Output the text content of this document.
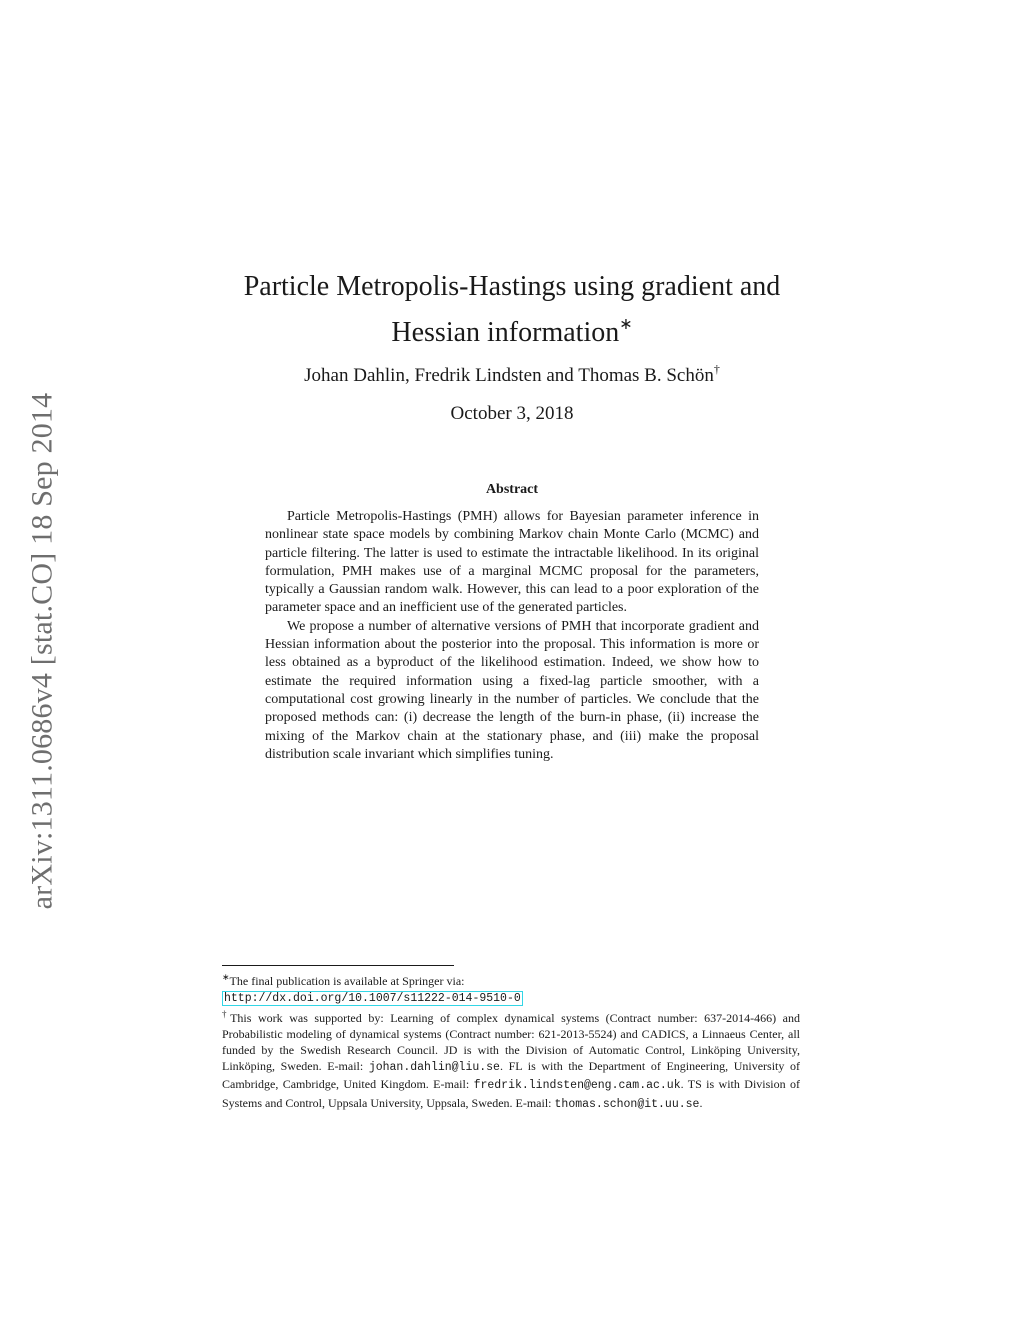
arXiv:1311.0686v4 [stat.CO] 18 Sep 2014
Particle Metropolis-Hastings using gradient and
Hessian information∗
Johan Dahlin, Fredrik Lindsten and Thomas B. Schön†
October 3, 2018
Abstract

Particle Metropolis-Hastings (PMH) allows for Bayesian parameter inference in nonlinear state space models by combining Markov chain Monte Carlo (MCMC) and particle filtering. The latter is used to estimate the intractable likelihood. In its original formulation, PMH makes use of a marginal MCMC proposal for the parameters, typically a Gaussian random walk. However, this can lead to a poor exploration of the parameter space and an inefficient use of the generated particles.

We propose a number of alternative versions of PMH that incorporate gradient and Hessian information about the posterior into the proposal. This information is more or less obtained as a byproduct of the likelihood estimation. Indeed, we show how to estimate the required information using a fixed-lag particle smoother, with a computational cost growing linearly in the number of particles. We conclude that the proposed methods can: (i) decrease the length of the burn-in phase, (ii) increase the mixing of the Markov chain at the stationary phase, and (iii) make the proposal distribution scale invariant which simplifies tuning.

∗The final publication is available at Springer via:

http://dx.doi.org/10.1007/s11222-014-9510-0

†This work was supported by: Learning of complex dynamical systems (Contract number: 637-2014-466) and Probabilistic modeling of dynamical systems (Contract number: 621-2013-5524) and CADICS, a Linnaeus Center, all funded by the Swedish Research Council. JD is with the Division of Automatic Control, Linköping University, Linköping, Sweden. E-mail: johan.dahlin@liu.se. FL is with the Department of Engineering, University of Cambridge, Cambridge, United Kingdom. E-mail: fredrik.lindsten@eng.cam.ac.uk. TS is with Division of Systems and Control, Uppsala University, Uppsala, Sweden. E-mail: thomas.schon@it.uu.se.
